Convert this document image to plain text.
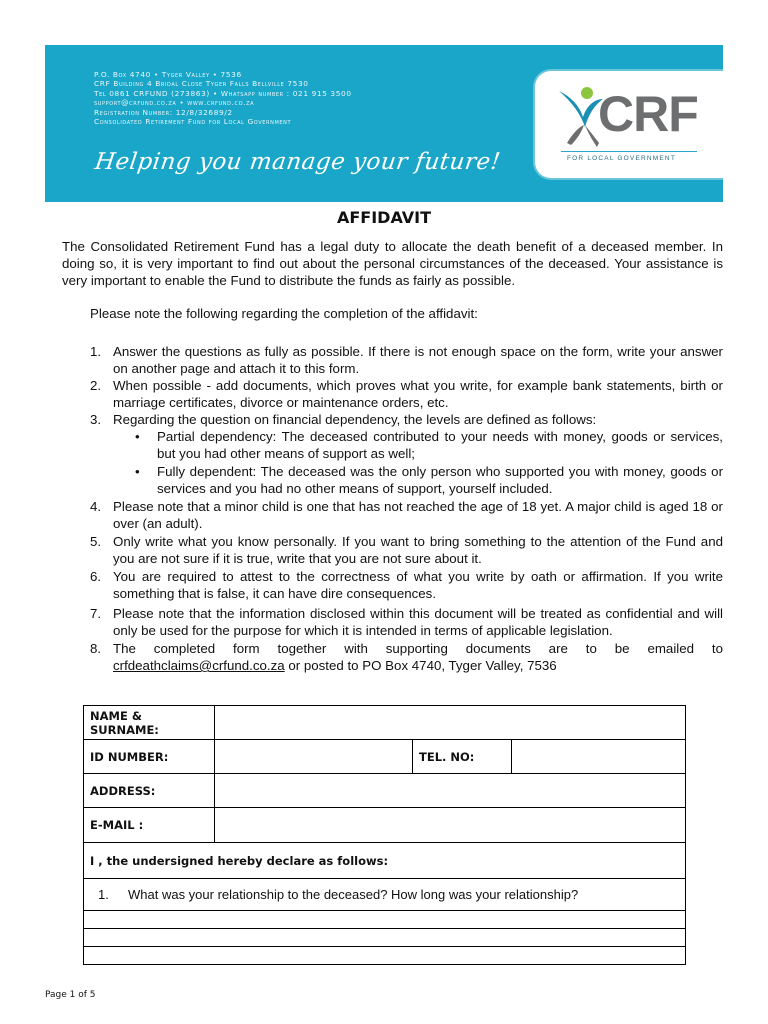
P.O. Box 4740 • Tyger Valley • 7536
CRF Building 4 Bridal Close Tyger Falls Bellville 7530
Tel 0861 CRFUND (273863) • Whatsapp number : 021 915 3500
support@crfund.co.za • www.crfund.co.za
Registration Number: 12/8/32689/2
Consolidated Retirement Fund for Local Government
Helping you manage your future!
CRF
FOR LOCAL GOVERNMENT
AFFIDAVIT

The Consolidated Retirement Fund has a legal duty to allocate the death benefit of a deceased member. In doing so, it is very important to find out about the personal circumstances of the deceased. Your assistance is very important to enable the Fund to distribute the funds as fairly as possible.

Please note the following regarding the completion of the affidavit:

1. Answer the questions as fully as possible. If there is not enough space on the form, write your answer on another page and attach it to this form.
2. When possible - add documents, which proves what you write, for example bank statements, birth or marriage certificates, divorce or maintenance orders, etc.
3. Regarding the question on financial dependency, the levels are defined as follows:
• Partial dependency: The deceased contributed to your needs with money, goods or services, but you had other means of support as well;
• Fully dependent: The deceased was the only person who supported you with money, goods or services and you had no other means of support, yourself included.
4. Please note that a minor child is one that has not reached the age of 18 yet. A major child is aged 18 or over (an adult).
5. Only write what you know personally. If you want to bring something to the attention of the Fund and you are not sure if it is true, write that you are not sure about it.
6. You are required to attest to the correctness of what you write by oath or affirmation. If you write something that is false, it can have dire consequences.
7. Please note that the information disclosed within this document will be treated as confidential and will only be used for the purpose for which it is intended in terms of applicable legislation.
8. The completed form together with supporting documents are to be emailed to crfdeathclaims@crfund.co.za or posted to PO Box 4740, Tyger Valley, 7536
NAME & SURNAME:			
ID NUMBER:		TEL. NO:	
ADDRESS:			
E-MAIL :			
I , the undersigned hereby declare as follows:			
1. What was your relationship to the deceased? How long was your relationship?			

Page 1 of 5
